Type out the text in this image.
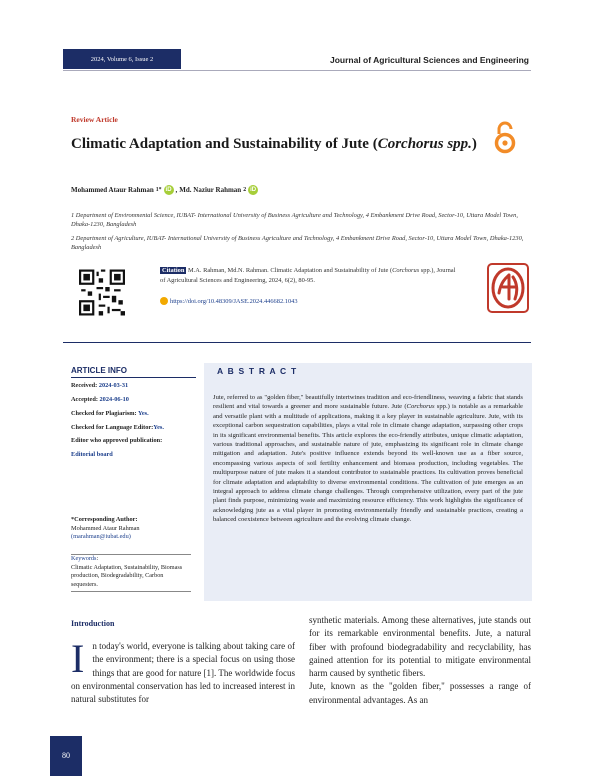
2024, Volume 6, Issue 2	Journal of Agricultural Sciences and Engineering
Review Article
Climatic Adaptation and Sustainability of Jute (Corchorus spp.)
Mohammed Ataur Rahman 1* iD , Md. Naziur Rahman 2 iD
1 Department of Environmental Science, IUBAT- International University of Business Agriculture and Technology, 4 Embankment Drive Road, Sector-10, Uttara Model Town, Dhaka-1230, Bangladesh
2 Department of Agriculture, IUBAT- International University of Business Agriculture and Technology, 4 Embankment Drive Road, Sector-10, Uttara Model Town, Dhaka-1230, Bangladesh
Citation M.A. Rahman, Md.N. Rahman. Climatic Adaptation and Sustainability of Jute (Corchorus spp.), Journal of Agricultural Sciences and Engineering, 2024, 6(2), 80-95.
https://doi.org/10.48309/JASE.2024.446682.1043
ARTICLE INFO
Received: 2024-03-31
Accepted: 2024-06-10
Checked for Plagiarism: Yes.
Checked for Language Editor:Yes.
Editor who approved publication:
Editorial board
*Corresponding Author:
Mohammed Ataur Rahman
(marahman@iubat.edu)
Keywords:
Climatic Adaptation, Sustainability, Biomass production, Biodegradability, Carbon sequesters.
A B S T R A C T
Jute, referred to as "golden fiber," beautifully intertwines tradition and eco-friendliness, weaving a fabric that stands resilient and vital towards a greener and more sustainable future. Jute (Corchorus spp.) is notable as a remarkable and versatile plant with a multitude of applications, making it a key player in sustainable agriculture. Jute, with its exceptional carbon sequestration capabilities, plays a vital role in climate change adaptation, surpassing other crops in its significant environmental benefits. This article explores the eco-friendly attributes, unique climatic adaptation, various traditional approaches, and sustainable nature of jute, emphasizing its significant role in climate change mitigation and adaptation. Jute's positive influence extends beyond its well-known use as a fiber source, encompassing various aspects of soil fertility enhancement and biomass production, including vegetables. The multipurpose nature of jute makes it a standout contributor to sustainable practices. Its cultivation proves beneficial for climate adaptation and adaptability to diverse environmental conditions. The cultivation of jute emerges as an integral approach to address climate change challenges. Through comprehensive utilization, every part of the jute plant finds purpose, minimizing waste and maximizing resource efficiency. This work highlights the significance of acknowledging jute as a vital player in promoting environmentally friendly and sustainable practices, creating a balanced coexistence between agriculture and the evolving climate change.
Introduction
In today's world, everyone is talking about taking care of the environment; there is a special focus on using those things that are good for nature [1]. The worldwide focus on environmental conservation has led to increased interest in natural substitutes for
synthetic materials. Among these alternatives, jute stands out for its remarkable environmental benefits. Jute, a natural fiber with profound biodegradability and recyclability, has gained attention for its potential to mitigate environmental harm caused by synthetic fibers.
Jute, known as the "golden fiber," possesses a range of environmental advantages. As an
80
